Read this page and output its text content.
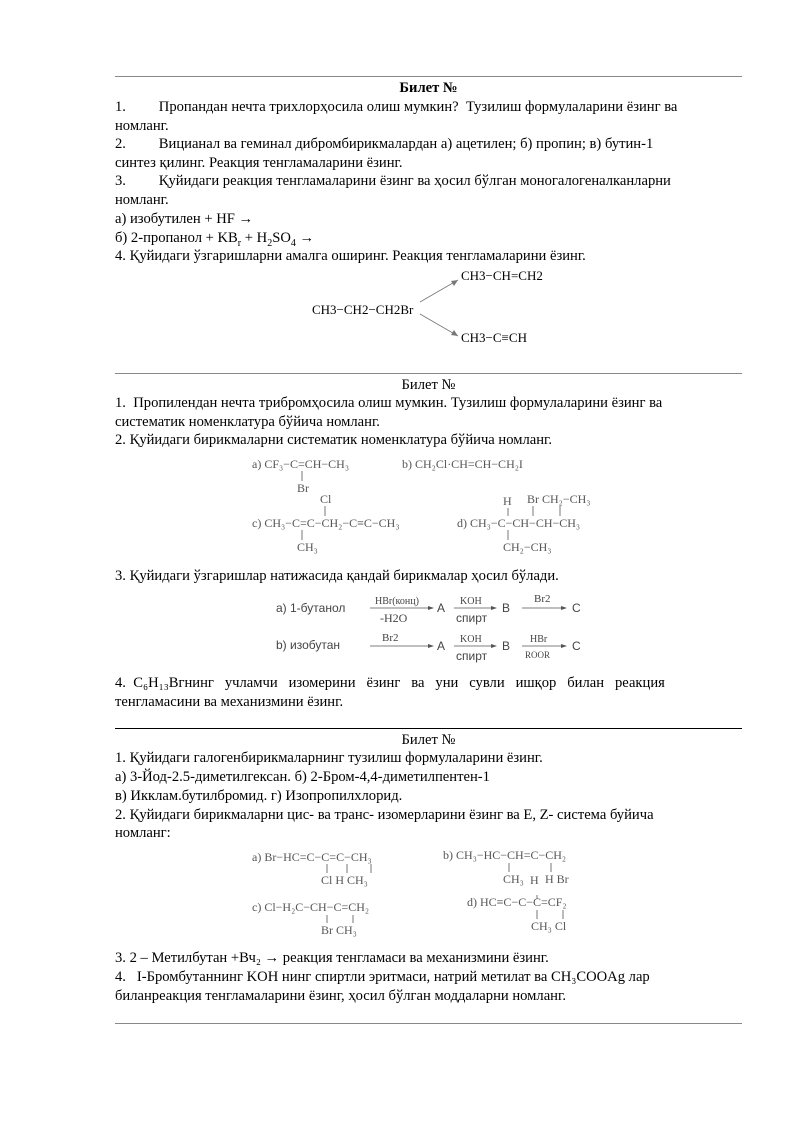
Билет №
1.         Пропандан нечта трихлорҳосила олиш мумкин?  Тузилиш формулаларини ёзинг ва
номланг.
2.         Вицианал ва геминал дибромбирикмалардан а) ацетилен; б) пропин; в) бутин-1
синтез қилинг. Реакция тенгламаларини ёзинг.
3.         Қуйидаги реакция тенгламаларини ёзинг ва ҳосил бўлган моногалогеналканларни
номланг.
а) изобутилен + HF →
б) 2-пропанол + $KB_r + H_2SO_4$ →
4. Қуйидаги ўзгаришларни амалга оширинг. Реакция тенгламаларини ёзинг.
CH3−CH2−CH2Br
CH3−CH=CH2
CH3−C≡CH
Билет №
1.  Пропилендан нечта трибромҳосила олиш мумкин. Тузилиш формулаларини ёзинг ва
систематик номенклатура бўйича номланг.
2. Қуйидаги бирикмаларни систематик номенклатура бўйича номланг.
a) CF₃−C=CH−CH₃
Br
b) CH₂Cl·CH=CH−CH₂I
Cl
c) CH₃−C=C−CH₂−C≡C−CH₃
CH₃
H Br CH₂−CH₃
d) CH₃−C−CH−CH−CH₃
CH₂−CH₃
3. Қуйидаги ўзгаришлар натижасида қандай бирикмалар ҳосил бўлади.
а) 1-бутанол	HBr(конц)
-H2O
A KOH
спирт
B
Br2
C
b) изобутан	Br2
A KOH
спирт
B HBr
ROOR
C
4.  C₆H₁₃Вгнинг   учламчи   изомерини   ёзинг   ва   уни   сувли   ишқор   билан   реакция
тенгламасини ва механизмини ёзинг.
Билет №
1. Қуйидаги галогенбирикмаларнинг тузилиш формулаларини ёзинг.
а) 3-Йод-2.5-диметилгексан. б) 2-Бром-4,4-диметилпентен-1
в) Икклам.бутилбромид. г) Изопропилхлорид.
2. Қуйидаги бирикмаларни цис- ва транс- изомерларини ёзинг ва E, Z- система буйича
номланг:
a) Br−HC=C−C=C−CH₃
Cl H CH₃
b) CH₃−HC−CH=C−CH₂
CH₃ H H Br
c) Cl−H₂C−CH−C=CH₂
Br CH₃
d) HC≡C−C−C=CF₂
CH₃ Cl
3. 2 – Метилбутан +Вч₂ → реакция тенгламаси ва механизмини ёзинг.
4.   I-Бромбутаннинг KOH нинг спиртли эритмаси, натрий метилат ва CH₃COOAg лар
биланреакция тенгламаларини ёзинг, ҳосил бўлган моддаларни номланг.
